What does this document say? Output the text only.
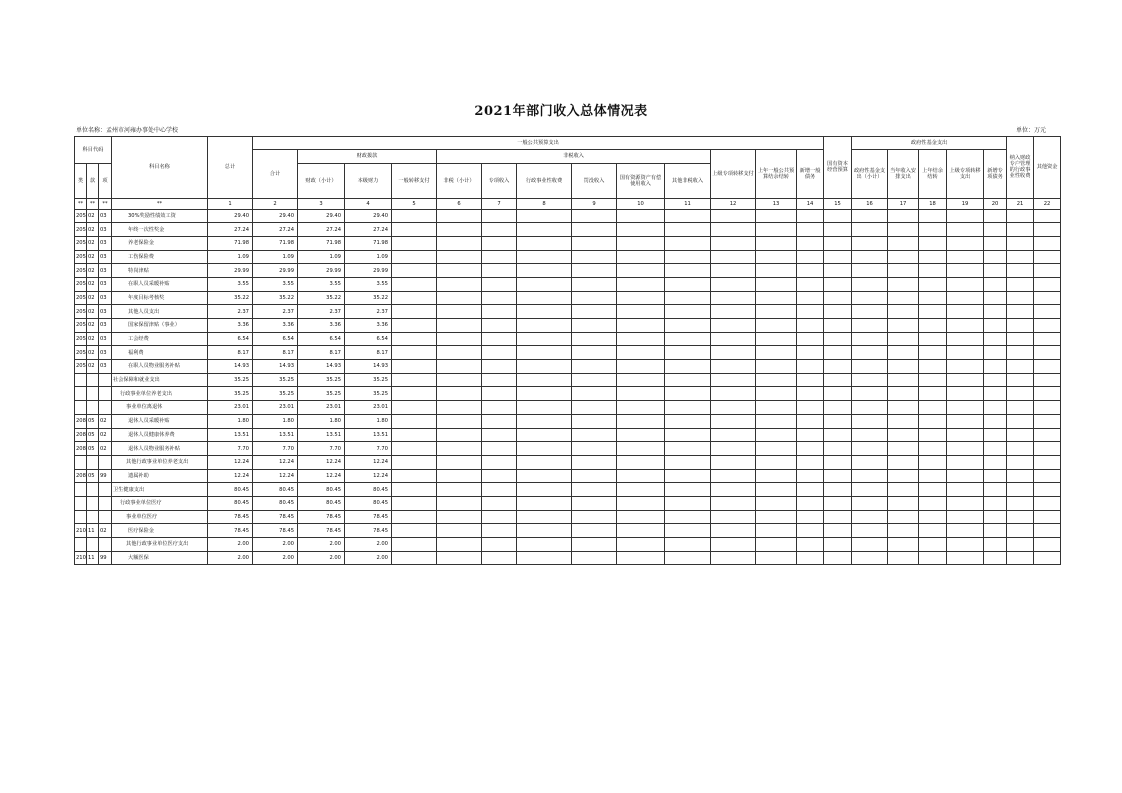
2021年部门收入总体情况表
单位名称：孟州市河雍办事处中心学校	单位：万元
科目代码			科目名称	总计	一般公共预算支出													国有资本经营预算	政府性基金支出					纳入财政专户管理的行政事业性收费	其他资金
					合计	财政拨款			非税收入						上级专项转移支付	上年一般公共预算结余结转	新增一般债务		政府性基金支出（小计）	当年收入安排支出	上年结余结转	上级专项转移支出	新增专项债务		
类	款	项				财政（小计）	本级财力	一般转移支付	非税（小计）	专项收入	行政事业性收费	罚没收入	国有资源资产有偿使用收入	其他非税收入											

**	**	**	**	1	2	3	4	5	6	7	8	9	10	11	12	13	14	15	16	17	18	19	20	21	22
205	02	03	30%奖励性绩效工资	29.40	29.40	29.40	29.40																		
205	02	03	年终一次性奖金	27.24	27.24	27.24	27.24																		
205	02	03	养老保险金	71.98	71.98	71.98	71.98																		
205	02	03	工伤保险费	1.09	1.09	1.09	1.09																		
205	02	03	特岗津贴	29.99	29.99	29.99	29.99																		
205	02	03	在职人员采暖补贴	3.55	3.55	3.55	3.55																		
205	02	03	年度目标考核奖	35.22	35.22	35.22	35.22																		
205	02	03	其他人员支出	2.37	2.37	2.37	2.37																		
205	02	03	国家保留津贴（事业）	3.36	3.36	3.36	3.36																		
205	02	03	工会经费	6.54	6.54	6.54	6.54																		
205	02	03	福利费	8.17	8.17	8.17	8.17																		
205	02	03	在职人员物业服务补贴	14.93	14.93	14.93	14.93																		
			社会保障和就业支出	35.25	35.25	35.25	35.25																		
			行政事业单位养老支出	35.25	35.25	35.25	35.25																		
			事业单位离退休	23.01	23.01	23.01	23.01																		
208	05	02	退休人员采暖补贴	1.80	1.80	1.80	1.80																		
208	05	02	退休人员健康休养费	13.51	13.51	13.51	13.51																		
208	05	02	退休人员物业服务补贴	7.70	7.70	7.70	7.70																		
			其他行政事业单位养老支出	12.24	12.24	12.24	12.24																		
208	05	99	遗属补助	12.24	12.24	12.24	12.24																		
			卫生健康支出	80.45	80.45	80.45	80.45																		
			行政事业单位医疗	80.45	80.45	80.45	80.45																		
			事业单位医疗	78.45	78.45	78.45	78.45																		
210	11	02	医疗保险金	78.45	78.45	78.45	78.45																		
			其他行政事业单位医疗支出	2.00	2.00	2.00	2.00																		
210	11	99	大额医保	2.00	2.00	2.00	2.00																		
